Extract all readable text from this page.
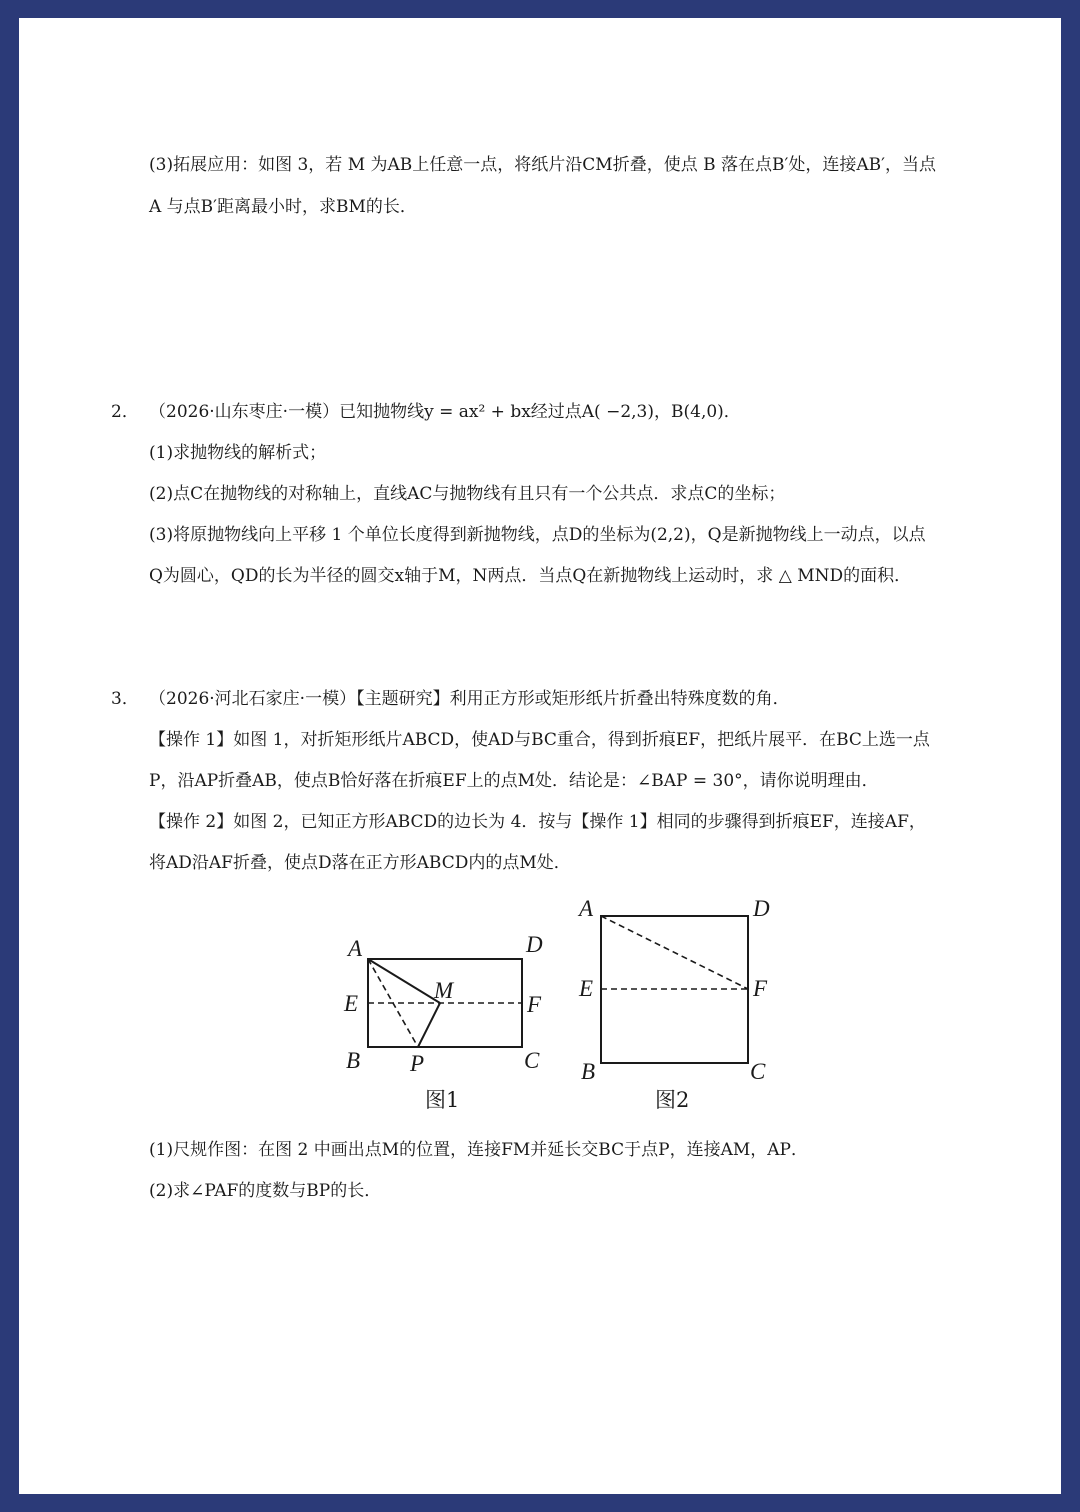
(3)拓展应用：如图 3，若 M 为AB上任意一点，将纸片沿CM折叠，使点 B 落在点B′处，连接AB′，当点
A 与点B′距离最小时，求BM的长．
2． （2026·山东枣庄·一模）已知抛物线y = ax² + bx经过点A( −2,3)，B(4,0)．
(1)求抛物线的解析式；
(2)点C在抛物线的对称轴上，直线AC与抛物线有且只有一个公共点．求点C的坐标；
(3)将原抛物线向上平移 1 个单位长度得到新抛物线，点D的坐标为(2,2)，Q是新抛物线上一动点，以点
Q为圆心，QD的长为半径的圆交x轴于M，N两点．当点Q在新抛物线上运动时，求 △ MND的面积．
3． （2026·河北石家庄·一模）【主题研究】利用正方形或矩形纸片折叠出特殊度数的角．
【操作 1】如图 1，对折矩形纸片ABCD，使AD与BC重合，得到折痕EF，把纸片展平．在BC上选一点
P，沿AP折叠AB，使点B恰好落在折痕EF上的点M处．结论是：∠BAP = 30°，请你说明理由．
【操作 2】如图 2，已知正方形ABCD的边长为 4．按与【操作 1】相同的步骤得到折痕EF，连接AF，
将AD沿AF折叠，使点D落在正方形ABCD内的点M处．
A	D
E	F
M
B P	C
图1
A	D
E	F
B	C
图2
(1)尺规作图：在图 2 中画出点M的位置，连接FM并延长交BC于点P，连接AM，AP．
(2)求∠PAF的度数与BP的长．
